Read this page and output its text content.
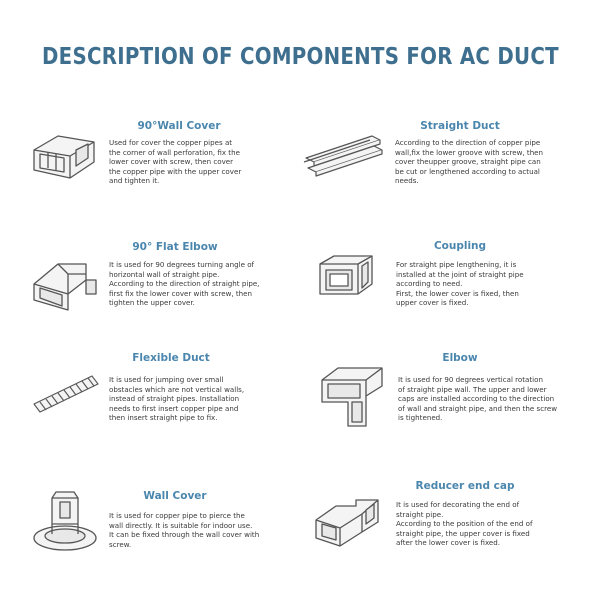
DESCRIPTION OF COMPONENTS FOR AC DUCT
90°Wall Cover
Used for cover the copper pipes at
the corner of wall perforation, fix the
lower cover with screw, then cover
the copper pipe with the upper cover
and tighten it.
Straight Duct
According to the direction of copper pipe
wall,fix the lower groove with screw, then
cover theupper groove, straight pipe can
be cut or lengthened according to actual
needs.
90° Flat Elbow
It is used for 90 degrees turning angle of
horizontal wall of straight pipe.
According to the direction of straight pipe,
first fix the lower cover with screw, then
tighten the upper cover.
Coupling
For straight pipe lengthening, it is
installed at the joint of straight pipe
according to need.
First, the lower cover is fixed, then
upper cover is fixed.
Flexible Duct
It is used for jumping over small
obstacles which are not vertical walls,
instead of straight pipes. Installation
needs to first insert copper pipe and
then insert straight pipe to fix.
Elbow
It is used for 90 degrees vertical rotation
of straight pipe wall. The upper and lower
caps are installed according to the direction
of wall and straight pipe, and then the screw
is tightened.
Wall Cover
It is used for copper pipe to pierce the
wall directly. It is suitable for indoor use.
It can be fixed through the wall cover with
screw.
Reducer end cap
It is used for decorating the end of
straight pipe.
According to the position of the end of
straight pipe, the upper cover is fixed
after the lower cover is fixed.
